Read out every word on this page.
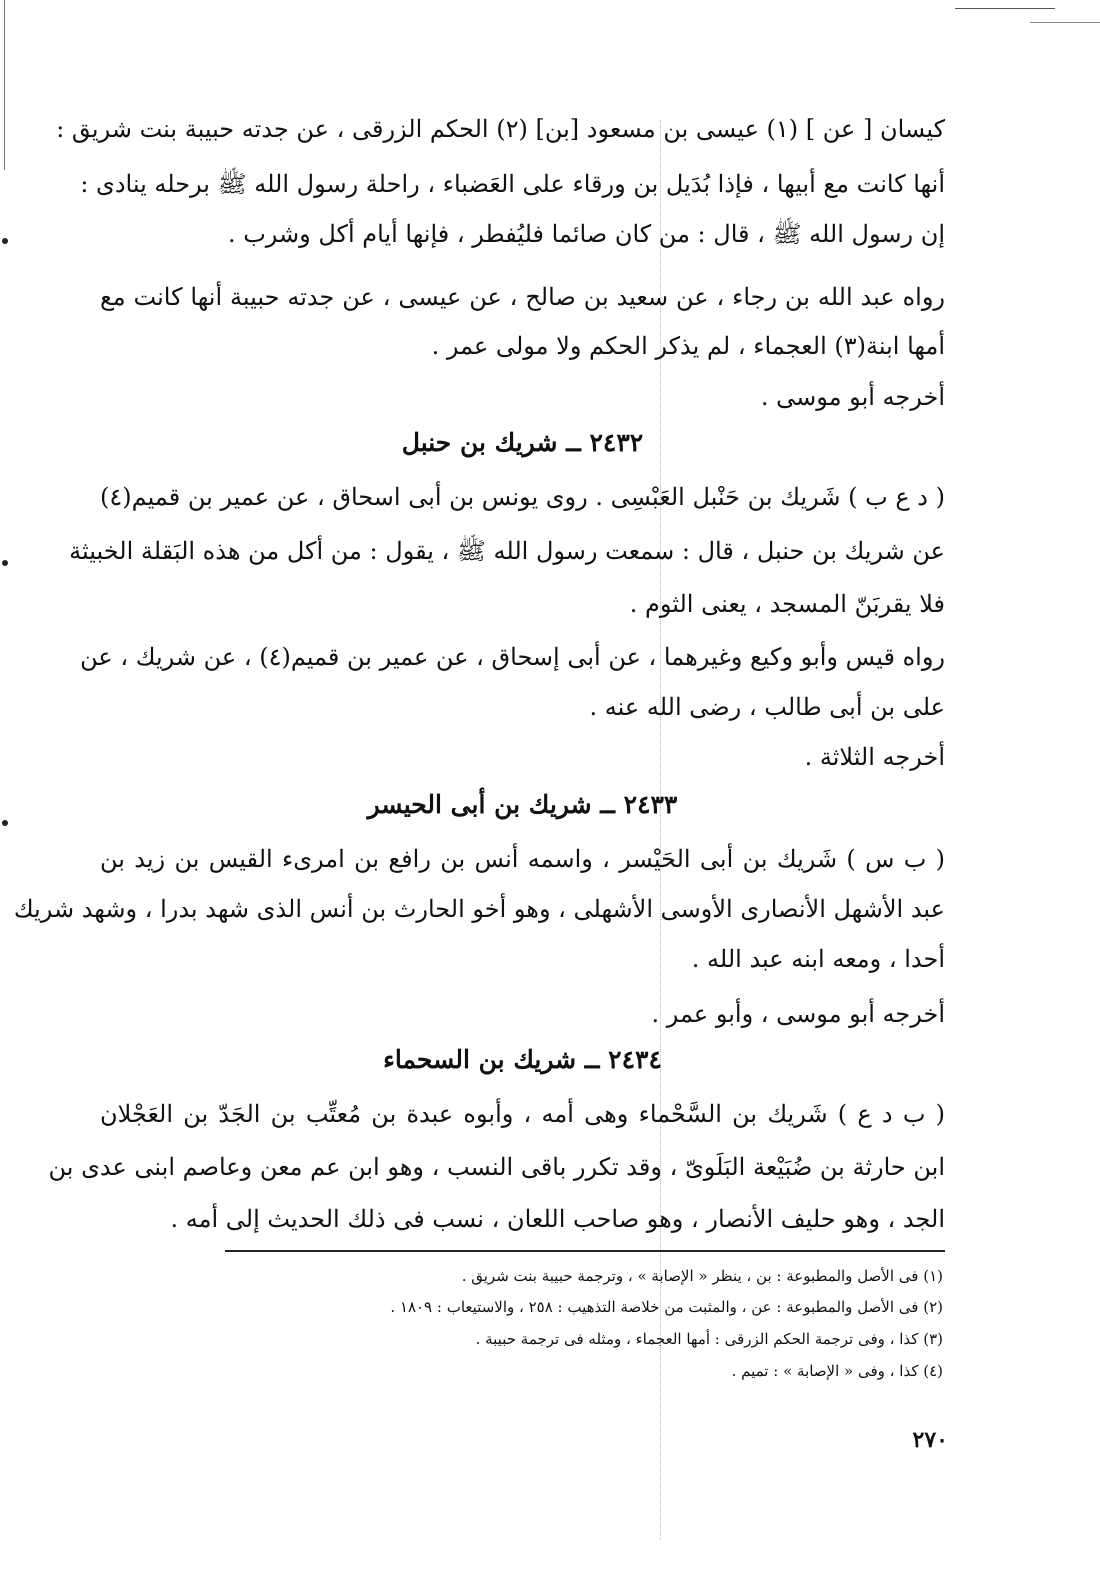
كيسان [ عن ] (١) عيسى بن مسعود [بن] (٢) الحكم الزرقى ، عن جدته حبيبة بنت شريق :
أنها كانت مع أبيها ، فإذا بُدَيل بن ورقاء على العَضباء ، راحلة رسول الله ﷺ برحله ينادى :
إن رسول الله ﷺ ، قال : من كان صائما فليُفطر ، فإنها أيام أكل وشرب .
رواه عبد الله بن رجاء ، عن سعيد بن صالح ، عن عيسى ، عن جدته حبيبة أنها كانت مع
أمها ابنة(٣) العجماء ، لم يذكر الحكم ولا مولى عمر .
أخرجه أبو موسى .
٢٤٣٢ ــ شريك بن حنبل
( د ع ب ) شَريك بن حَنْبل العَبْسِى . روى يونس بن أبى اسحاق ، عن عمير بن قميم(٤)
عن شريك بن حنبل ، قال : سمعت رسول الله ﷺ ، يقول : من أكل من هذه البَقلة الخبيثة
فلا يقربَنّ المسجد ، يعنى الثوم .
رواه قيس وأبو وكيع وغيرهما ، عن أبى إسحاق ، عن عمير بن قميم(٤) ، عن شريك ، عن
على بن أبى طالب ، رضى الله عنه .
أخرجه الثلاثة .
٢٤٣٣ ــ شريك بن أبى الحيسر
( ب س ) شَريك بن أبى الحَيْسر ، واسمه أنس بن رافع بن امرىء القيس بن زيد بن
عبد الأشهل الأنصارى الأوسى الأشهلى ، وهو أخو الحارث بن أنس الذى شهد بدرا ، وشهد شريك
أحدا ، ومعه ابنه عبد الله .
أخرجه أبو موسى ، وأبو عمر .
٢٤٣٤ ــ شريك بن السحماء
( ب د ع ) شَريك بن السَّحْماء وهى أمه ، وأبوه عبدة بن مُعتِّب بن الجَدّ بن العَجْلان
ابن حارثة بن ضُبَيْعة البَلَوىّ ، وقد تكرر باقى النسب ، وهو ابن عم معن وعاصم ابنى عدى بن
الجد ، وهو حليف الأنصار ، وهو صاحب اللعان ، نسب فى ذلك الحديث إلى أمه .
(١) فى الأصل والمطبوعة : بن ، ينظر « الإصابة » ، وترجمة حبيبة بنت شريق .
(٢) فى الأصل والمطبوعة : عن ، والمثبت من خلاصة التذهيب : ٢٥٨ ، والاستيعاب : ١٨٠٩ .
(٣) كذا ، وفى ترجمة الحكم الزرقى : أمها العجماء ، ومثله فى ترجمة حبيبة .
(٤) كذا ، وفى « الإصابة » : تميم .
٢٧٠
